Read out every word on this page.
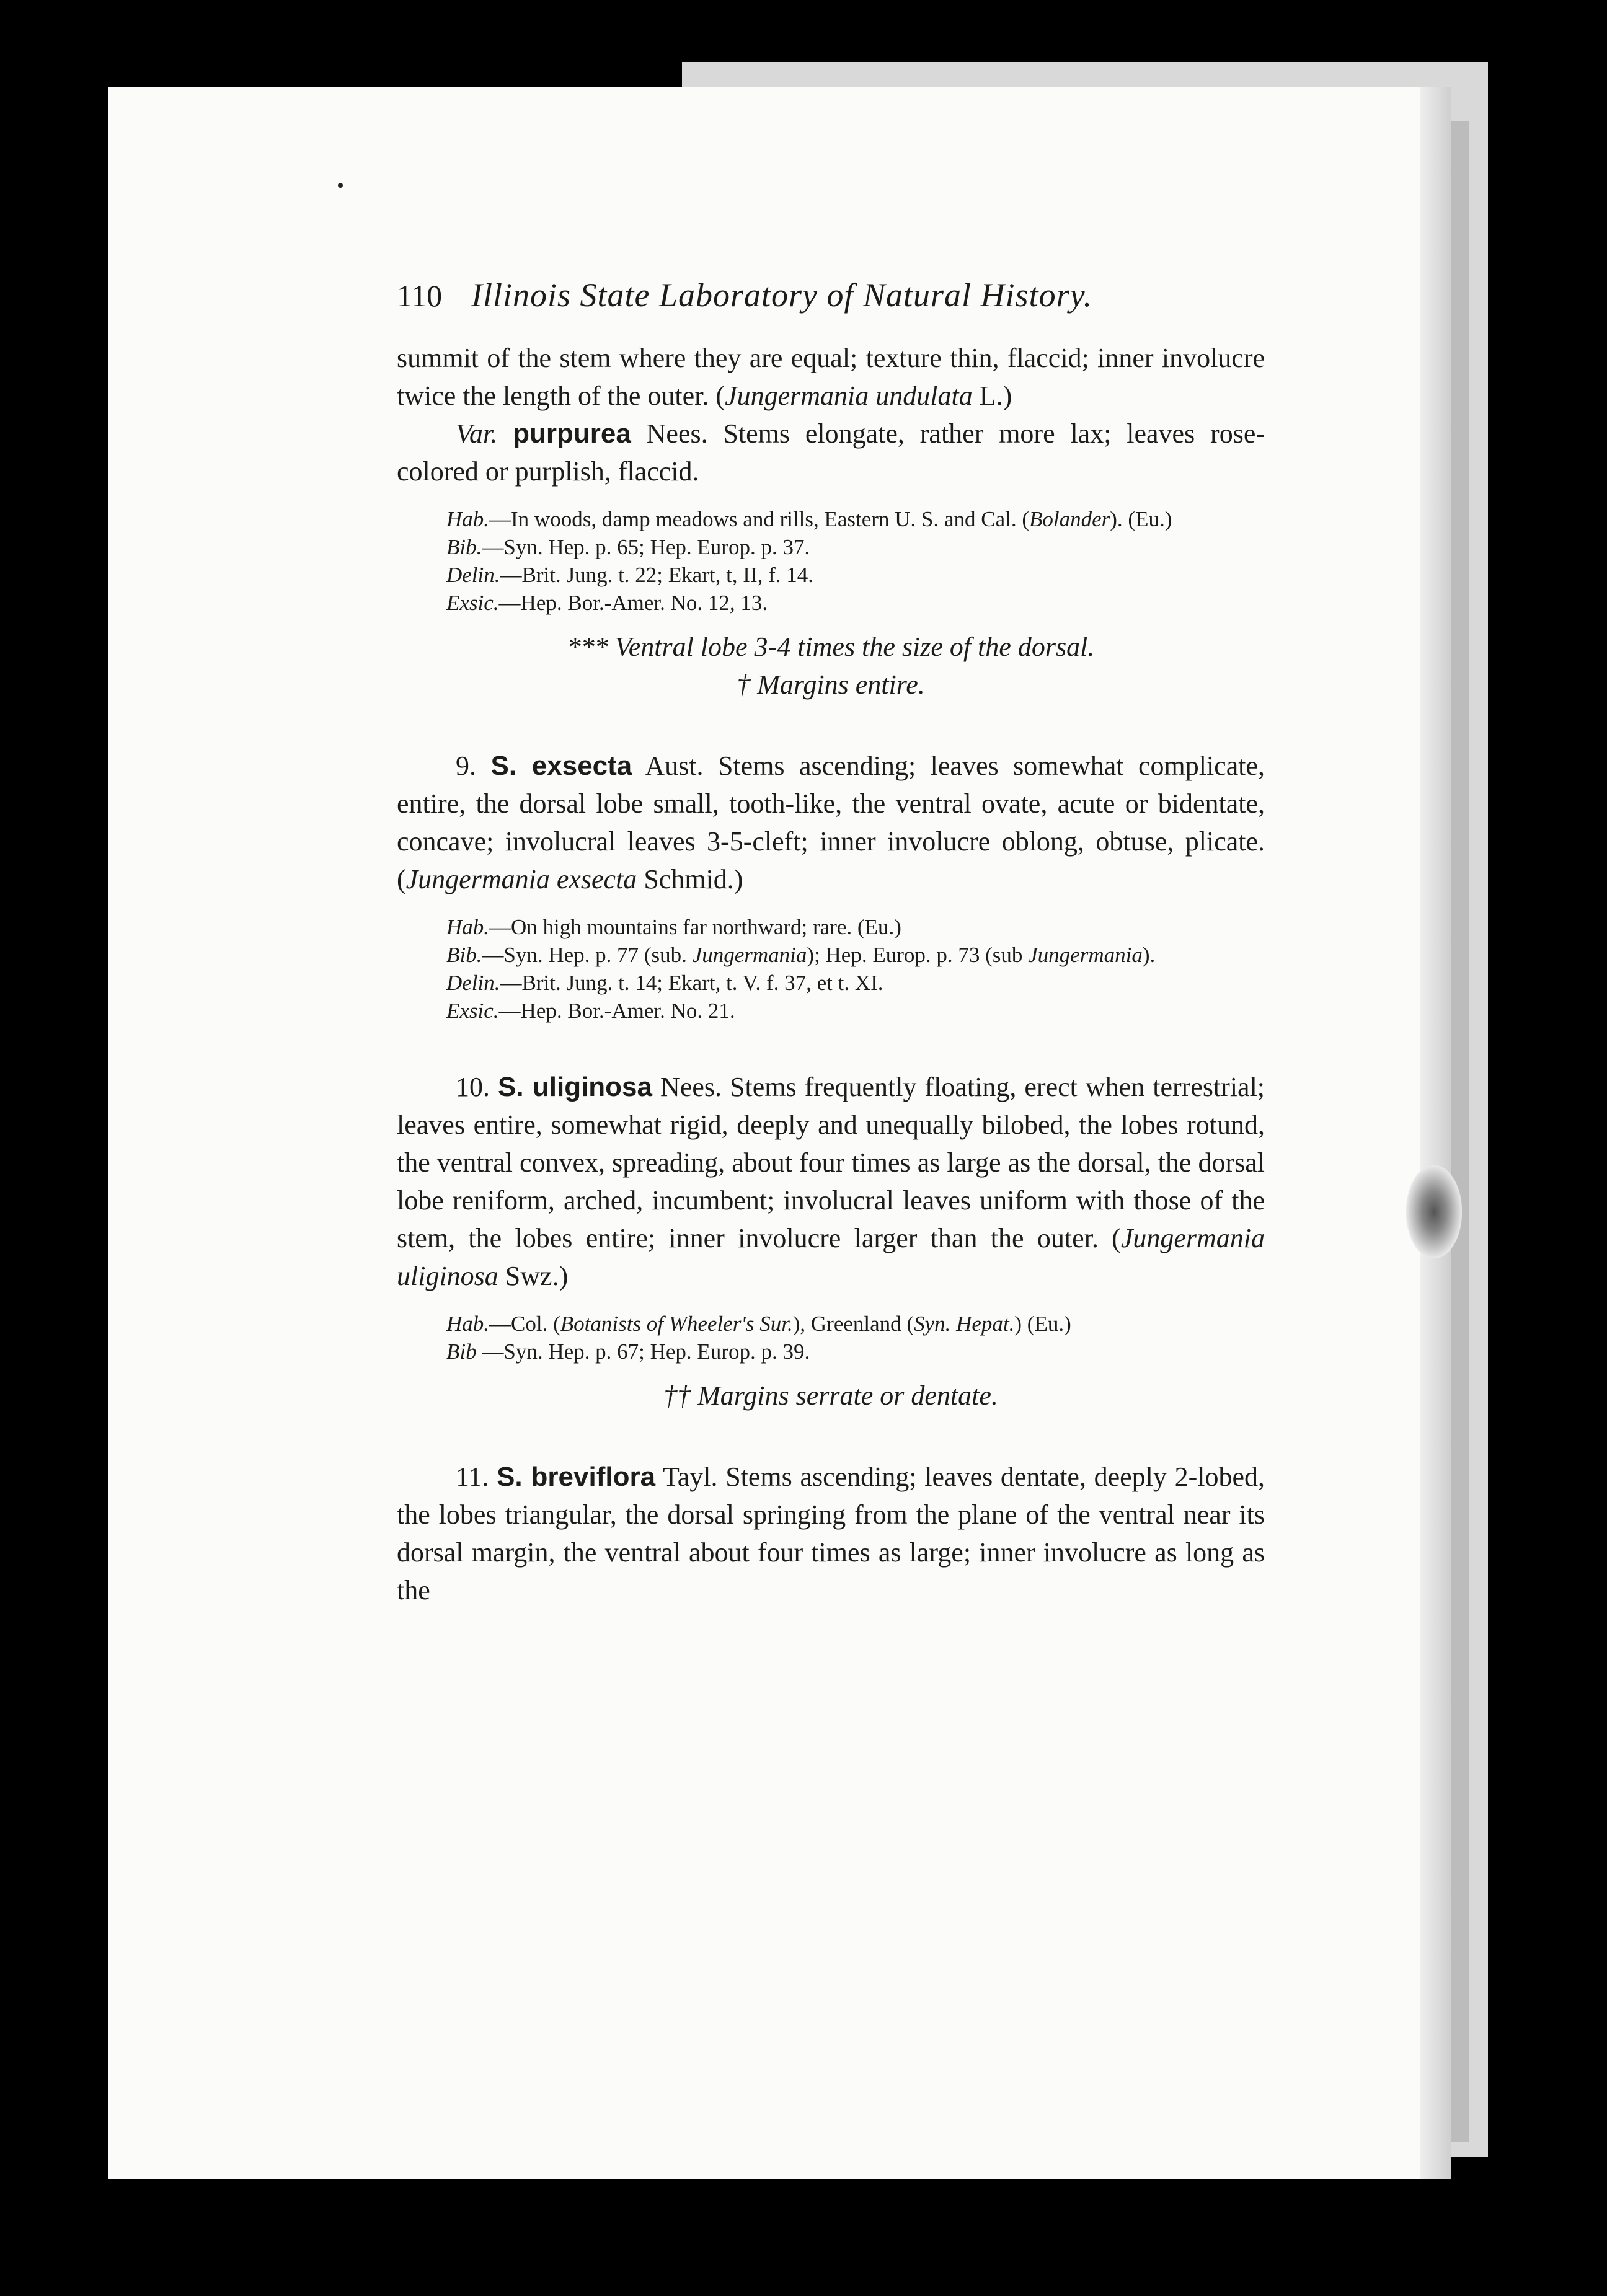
110 Illinois State Laboratory of Natural History.

summit of the stem where they are equal; texture thin, flaccid; inner involucre twice the length of the outer. (Jungermania undulata L.)

Var. purpurea Nees. Stems elongate, rather more lax; leaves rose-colored or purplish, flaccid.

Hab.—In woods, damp meadows and rills, Eastern U. S. and Cal. (Bolander). (Eu.)

Bib.—Syn. Hep. p. 65; Hep. Europ. p. 37.

Delin.—Brit. Jung. t. 22; Ekart, t, II, f. 14.

Exsic.—Hep. Bor.-Amer. No. 12, 13.

*** Ventral lobe 3-4 times the size of the dorsal.

† Margins entire.

9. S. exsecta Aust. Stems ascending; leaves somewhat complicate, entire, the dorsal lobe small, tooth-like, the ventral ovate, acute or bidentate, concave; involucral leaves 3-5-cleft; inner involucre oblong, obtuse, plicate. (Jungermania exsecta Schmid.)

Hab.—On high mountains far northward; rare. (Eu.)

Bib.—Syn. Hep. p. 77 (sub. Jungermania); Hep. Europ. p. 73 (sub Jungermania).

Delin.—Brit. Jung. t. 14; Ekart, t. V. f. 37, et t. XI.

Exsic.—Hep. Bor.-Amer. No. 21.

10. S. uliginosa Nees. Stems frequently floating, erect when terrestrial; leaves entire, somewhat rigid, deeply and unequally bilobed, the lobes rotund, the ventral convex, spreading, about four times as large as the dorsal, the dorsal lobe reniform, arched, incumbent; involucral leaves uniform with those of the stem, the lobes entire; inner involucre larger than the outer. (Jungermania uliginosa Swz.)

Hab.—Col. (Botanists of Wheeler's Sur.), Greenland (Syn. Hepat.) (Eu.)

Bib —Syn. Hep. p. 67; Hep. Europ. p. 39.

†† Margins serrate or dentate.

11. S. breviflora Tayl. Stems ascending; leaves dentate, deeply 2-lobed, the lobes triangular, the dorsal springing from the plane of the ventral near its dorsal margin, the ventral about four times as large; inner involucre as long as the
